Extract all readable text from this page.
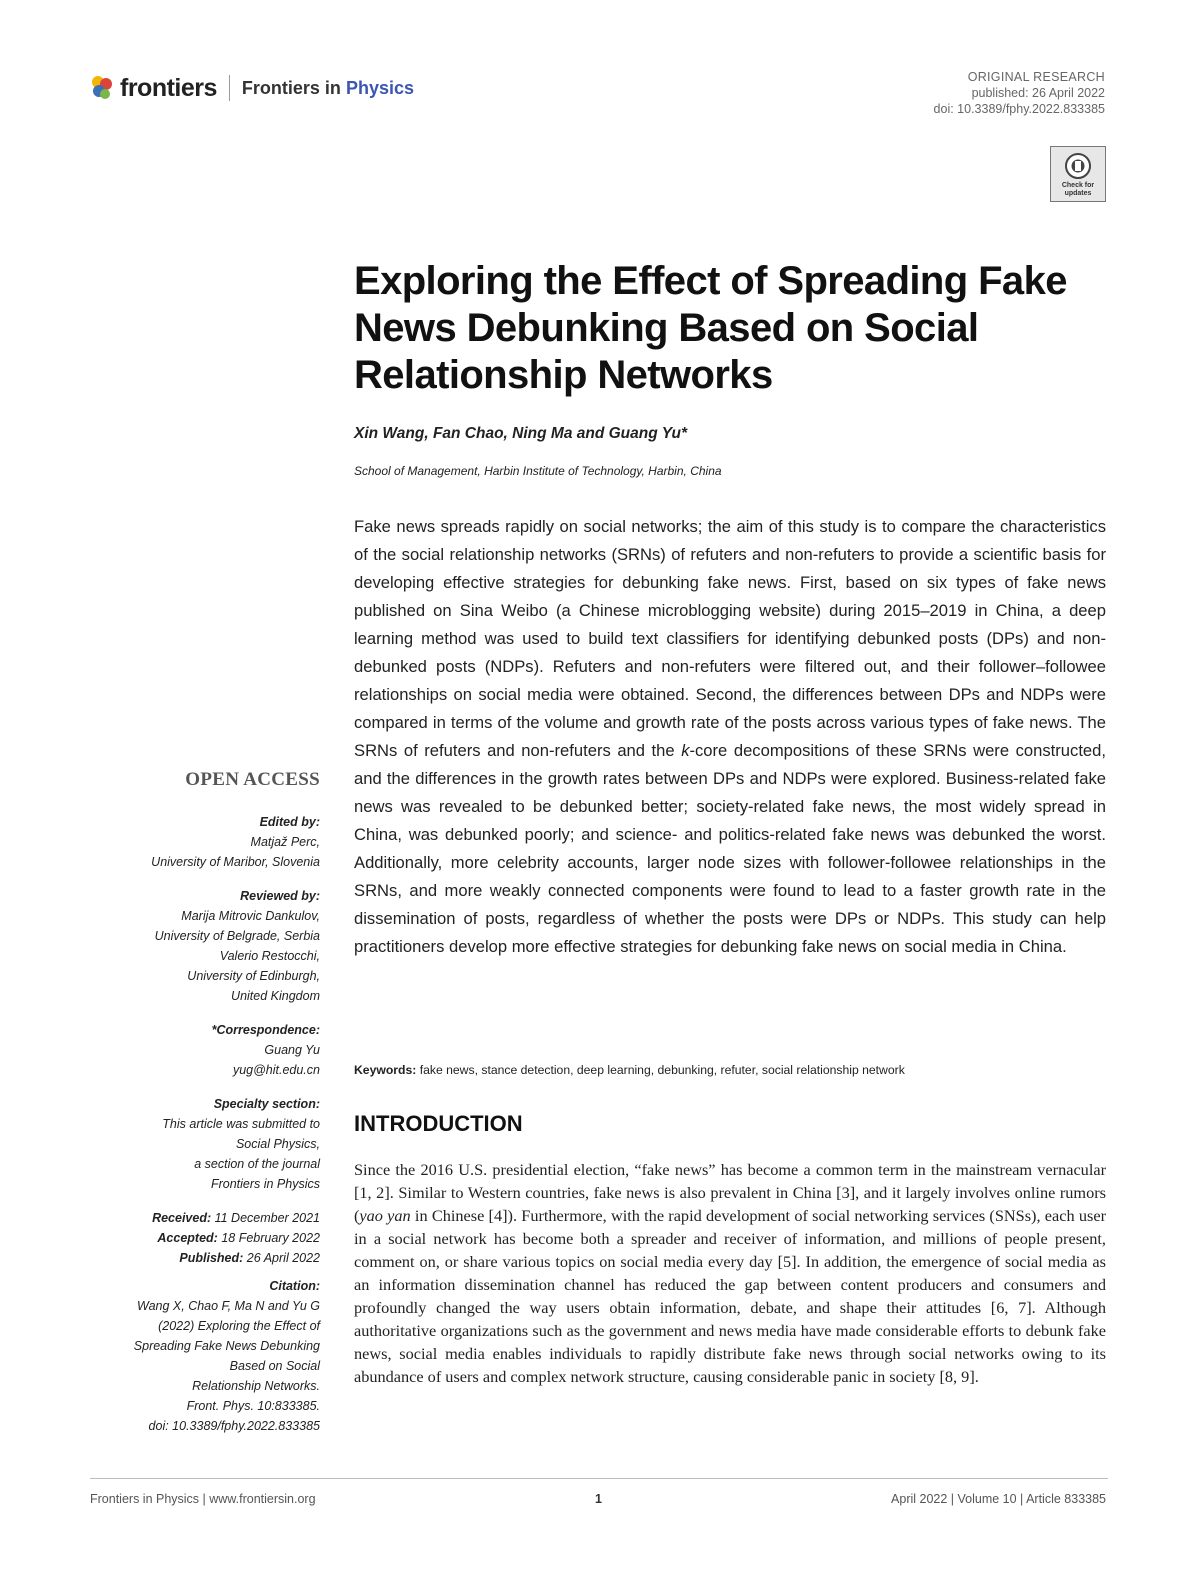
frontiers Frontiers in Physics
ORIGINAL RESEARCH
published: 26 April 2022
doi: 10.3389/fphy.2022.833385
Check for
updates
Exploring the Effect of Spreading Fake News Debunking Based on Social Relationship Networks
Xin Wang, Fan Chao, Ning Ma and Guang Yu*
School of Management, Harbin Institute of Technology, Harbin, China

Fake news spreads rapidly on social networks; the aim of this study is to compare the characteristics of the social relationship networks (SRNs) of refuters and non-refuters to provide a scientific basis for developing effective strategies for debunking fake news. First, based on six types of fake news published on Sina Weibo (a Chinese microblogging website) during 2015–2019 in China, a deep learning method was used to build text classifiers for identifying debunked posts (DPs) and non-debunked posts (NDPs). Refuters and non-refuters were filtered out, and their follower–followee relationships on social media were obtained. Second, the differences between DPs and NDPs were compared in terms of the volume and growth rate of the posts across various types of fake news. The SRNs of refuters and non-refuters and the k-core decompositions of these SRNs were constructed, and the differences in the growth rates between DPs and NDPs were explored. Business-related fake news was revealed to be debunked better; society-related fake news, the most widely spread in China, was debunked poorly; and science- and politics-related fake news was debunked the worst. Additionally, more celebrity accounts, larger node sizes with follower-followee relationships in the SRNs, and more weakly connected components were found to lead to a faster growth rate in the dissemination of posts, regardless of whether the posts were DPs or NDPs. This study can help practitioners develop more effective strategies for debunking fake news on social media in China.

Keywords: fake news, stance detection, deep learning, debunking, refuter, social relationship network
INTRODUCTION

Since the 2016 U.S. presidential election, “fake news” has become a common term in the mainstream vernacular [1, 2]. Similar to Western countries, fake news is also prevalent in China [3], and it largely involves online rumors (yao yan in Chinese [4]). Furthermore, with the rapid development of social networking services (SNSs), each user in a social network has become both a spreader and receiver of information, and millions of people present, comment on, or share various topics on social media every day [5]. In addition, the emergence of social media as an information dissemination channel has reduced the gap between content producers and consumers and profoundly changed the way users obtain information, debate, and shape their attitudes [6, 7]. Although authoritative organizations such as the government and news media have made considerable efforts to debunk fake news, social media enables individuals to rapidly distribute fake news through social networks owing to its abundance of users and complex network structure, causing considerable panic in society [8, 9].

OPEN ACCESS
Edited by:
Matjaž Perc,
University of Maribor, Slovenia
Reviewed by:
Marija Mitrovic Dankulov,
University of Belgrade, Serbia
Valerio Restocchi,
University of Edinburgh,
United Kingdom
*Correspondence:
Guang Yu
yug@hit.edu.cn
Specialty section:
This article was submitted to
Social Physics,
a section of the journal
Frontiers in Physics
Received: 11 December 2021
Accepted: 18 February 2022
Published: 26 April 2022
Citation:
Wang X, Chao F, Ma N and Yu G
(2022) Exploring the Effect of
Spreading Fake News Debunking
Based on Social
Relationship Networks.
Front. Phys. 10:833385.
doi: 10.3389/fphy.2022.833385
Frontiers in Physics | www.frontiersin.org	1	April 2022 | Volume 10 | Article 833385
